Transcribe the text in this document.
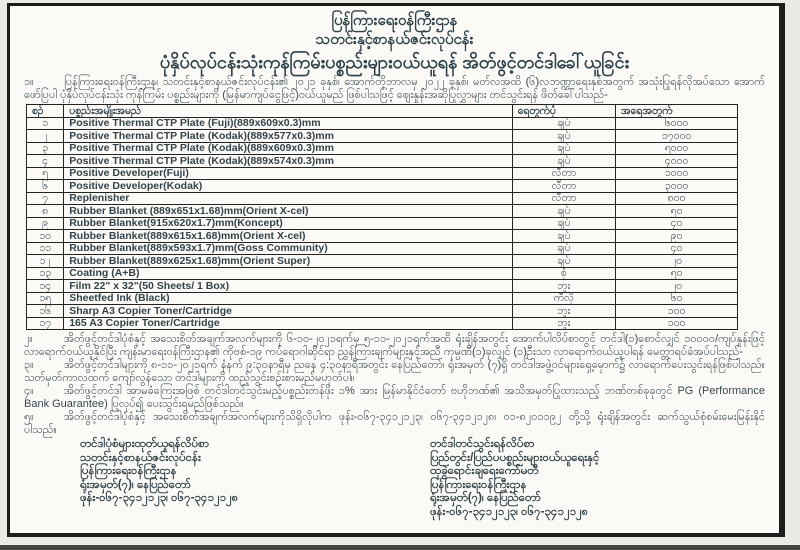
ပြန်ကြားရေးဝန်ကြီးဌာန
သတင်းနှင့်စာနယ်ဇင်းလုပ်ငန်း
ပုံနှိပ်လုပ်ငန်းသုံးကုန်ကြမ်းပစ္စည်းများဝယ်ယူရန် အိတ်ဖွင့်တင်ဒါခေါ်ယူခြင်း
၁။	ပြန်ကြားရေးဝန်ကြီးဌာန၊ သတင်းနှင့်စာနယ်ဇင်းလုပ်ငန်း၏ ၂၀၂၁ ခုနှစ်၊ အောက်တိုဘာလမှ ၂၀၂၂ ခုနှစ်၊ မတ်လအထိ (၆)လဘဏ္ဍာရေးနှစ်အတွက် အသုံးပြုရန်လိုအပ်သော အောက်ဖော်ပြပါ ပုံနှိပ်လုပ်ငန်းသုံး ကုန်ကြမ်း ပစ္စည်းများကို (မြန်မာကျပ်ငွေဖြင့်)ဝယ်ယူမည် ဖြစ်ပါသဖြင့် ဈေးနှုန်းအဆိုပြုလွှာများ တင်သွင်းရန် ဖိတ်ခေါ်ပါသည်-
စဉ်	ပစ္စည်းအမျိုးအမည်	ရေတွက်ပုံ	အရေအတွက်
၁	Positive Thermal CTP Plate (Fuji)(889x609x0.3)mm	ချပ်	၆၀၀၀
၂	Positive Thermal CTP Plate (Kodak)(889x577x0.3)mm	ချပ်	၁၇၀၀၀
၃	Positive Thermal CTP Plate (Kodak)(889x609x0.3)mm	ချပ်	၅၀၀၀
၄	Positive Thermal CTP Plate (Kodak)(889x574x0.3)mm	ချပ်	၄၀၀၀
၅	Positive Developer(Fuji)	လီတာ	၁၀၀၀
၆	Positive Developer(Kodak)	လီတာ	၃၀၀၀
၇	Replenisher	လီတာ	၈၀၀
၈	Rubber Blanket (889x651x1.68)mm(Orient X-cel)	ချပ်	၅၀
၉	Rubber Blanket(915x620x1.7)mm(Koncept)	ချပ်	၄၀
၁၀	Rubber Blanket(889x615x1.68)mm(Orient X-cel)	ချပ်	၉၀
၁၁	Rubber Blanket(889x593x1.7)mm(Goss Community)	ချပ်	၄၀
၁၂	Rubber Blanket(889x625x1.68)mm(Orient Super)	ချပ်	၂၀
၁၃	Coating (A+B)	စုံ	၅၀
၁၄	Film 22" x 32"(50 Sheets/ 1 Box)	ဘူး	၂၀
၁၅	Sheetfed Ink (Black)	ကီလို	၆၀
၁၆	Sharp A3 Copier Toner/Cartridge	ဘူး	၁၀၀
၁၇	165 A3 Copier Toner/Cartridge	ဘူး	၁၀၀
၂။	အိတ်ဖွင့်တင်ဒါပုံစံနှင့် အသေးစိတ်အချက်အလက်များကို ၆-၁၀-၂၀၂၁ရက်မှ ၅-၁၁-၂၀၂၁ရက်အထိ ရုံးချိန်အတွင်း အောက်ပါလိပ်စာတွင် တင်ဒါ(၁)စောင်လျှင် ၁၀၀၀၀/ကျပ်နှုန်းဖြင့် လာရောက်ဝယ်ယူနိုင်ပြီး ကျန်းမာရေးဝန်ကြီးဌာန၏ ကိုဗစ်-၁၉ ကပ်ရောဂါဆိုင်ရာ ညွှန်ကြားချက်များနှင့်အညီ ကုမ္ပဏီ(၁)ခုလျှင် (၁)ဦးသာ လာရောက်ဝယ်ယူပါရန် မေတ္တာရပ်ခံအပ်ပါသည်-
၃။	အိတ်ဖွင့်တင်ဒါများကို ၈-၁၁-၂၀၂၁ရက် နံနက် ၉:၃၀နာရီမှ ညနေ ၄:၃၀နာရီအတွင်း နေပြည်တော်၊ ရုံးအမှတ် (၇)ရှိ တင်ဒါအဖွဲ့ဝင်များရှေ့မှောက်၌ လာရောက်ပေးသွင်းရန်ဖြစ်ပါသည်။ သတ်မှတ်ကာလထက် ကျော်လွန်သော တင်ဒါများကို ထည့်သွင်းစဉ်းစားမည်မဟုတ်ပါ။
၄။	အိတ်ဖွင့်တင်ဒါ အာမခံကြေးအဖြစ် တင်ဒါတင်သွင်းမည့်ပစ္စည်းတန်ဖိုး ၁% အား မြန်မာနိုင်ငံတော် ဗဟိုဘဏ်၏ အသိအမှတ်ပြုထားသည့် ဘဏ်တစ်ခုခုတွင် PG (Performance Bank Guarantee) ပြုလုပ်၍ ပေးသွင်းရမည်ဖြစ်သည်။
၅။	အိတ်ဖွင့်တင်ဒါပုံစံနှင့် အသေးစိတ်အချက်အလက်များကိုသိရှိလိုပါက ဖုန်း-၀၆၇-၃၄၁၂၁၂၃၊ ၀၆၇-၃၄၁၂၁၂၈၊ ၀၁-၈၂၀၁၁၉၂ တို့သို့ ရုံးချိန်အတွင်း ဆက်သွယ်စုံစမ်းမေးမြန်းနိုင်ပါသည်။
တင်ဒါပုံစံများထုတ်ယူရန်လိပ်စာ
သတင်းနှင့်စာနယ်ဇင်းလုပ်ငန်း
ပြန်ကြားရေးဝန်ကြီးဌာန
ရုံးအမှတ်(၇)၊ နေပြည်တော်
ဖုန်း-၀၆၇-၃၄၁၂၁၂၃၊ ၀၆၇-၃၄၁၂၁၂၈
တင်ဒါတင်သွင်းရန်လိပ်စာ
ပြည်တွင်း/ပြည်ပပစ္စည်းများဝယ်ယူရေးနှင့်
ထုခွဲရောင်းချရေးကော်မတီ
ပြန်ကြားရေးဝန်ကြီးဌာန
ရုံးအမှတ်(၇)၊ နေပြည်တော်
ဖုန်း-၀၆၇-၃၄၁၂၁၂၃၊ ၀၆၇-၃၄၁၂၁၂၈
